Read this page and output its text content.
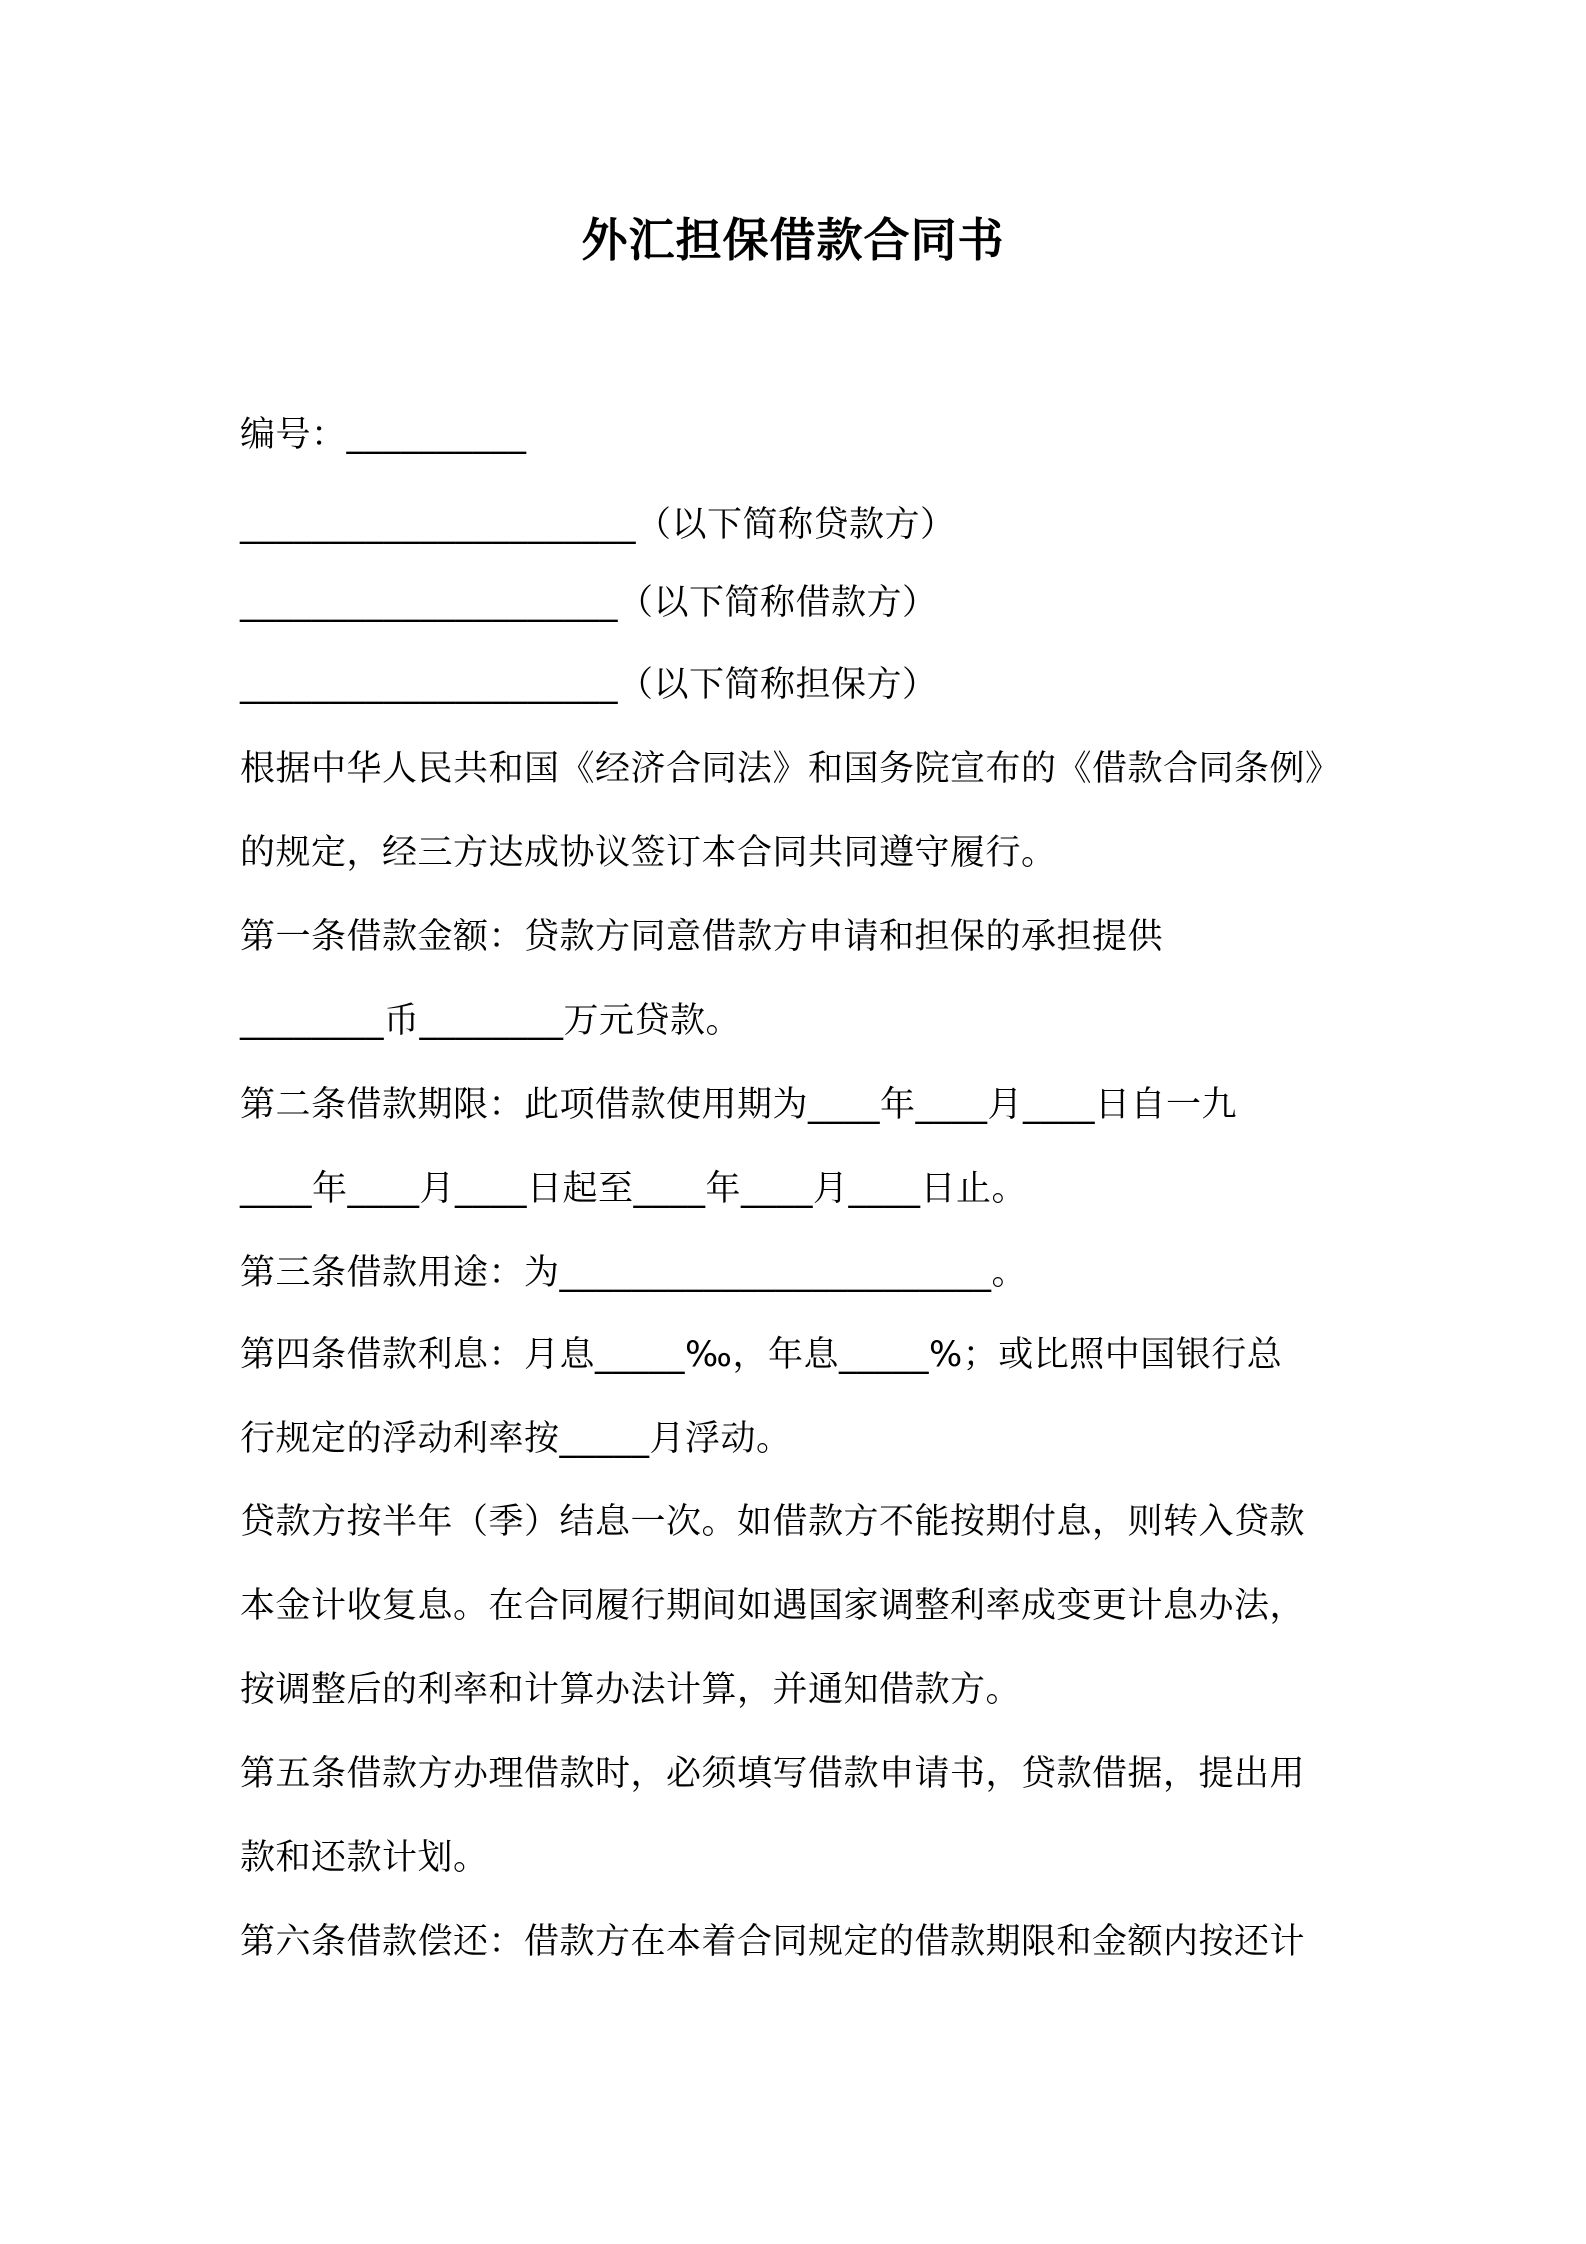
外汇担保借款合同书
编号：__________
______________________（以下简称贷款方）
_____________________（以下简称借款方）
_____________________（以下简称担保方）
根据中华人民共和国《经济合同法》和国务院宣布的《借款合同条例》
的规定，经三方达成协议签订本合同共同遵守履行。
第一条借款金额：贷款方同意借款方申请和担保的承担提供
________币________万元贷款。
第二条借款期限：此项借款使用期为____年____月____日自一九
____年____月____日起至____年____月____日止。
第三条借款用途：为________________________。
第四条借款利息：月息_____‰，年息_____%；或比照中国银行总
行规定的浮动利率按_____月浮动。
贷款方按半年（季）结息一次。如借款方不能按期付息，则转入贷款
本金计收复息。在合同履行期间如遇国家调整利率成变更计息办法，
按调整后的利率和计算办法计算，并通知借款方。
第五条借款方办理借款时，必须填写借款申请书，贷款借据，提出用
款和还款计划。
第六条借款偿还：借款方在本着合同规定的借款期限和金额内按还计
